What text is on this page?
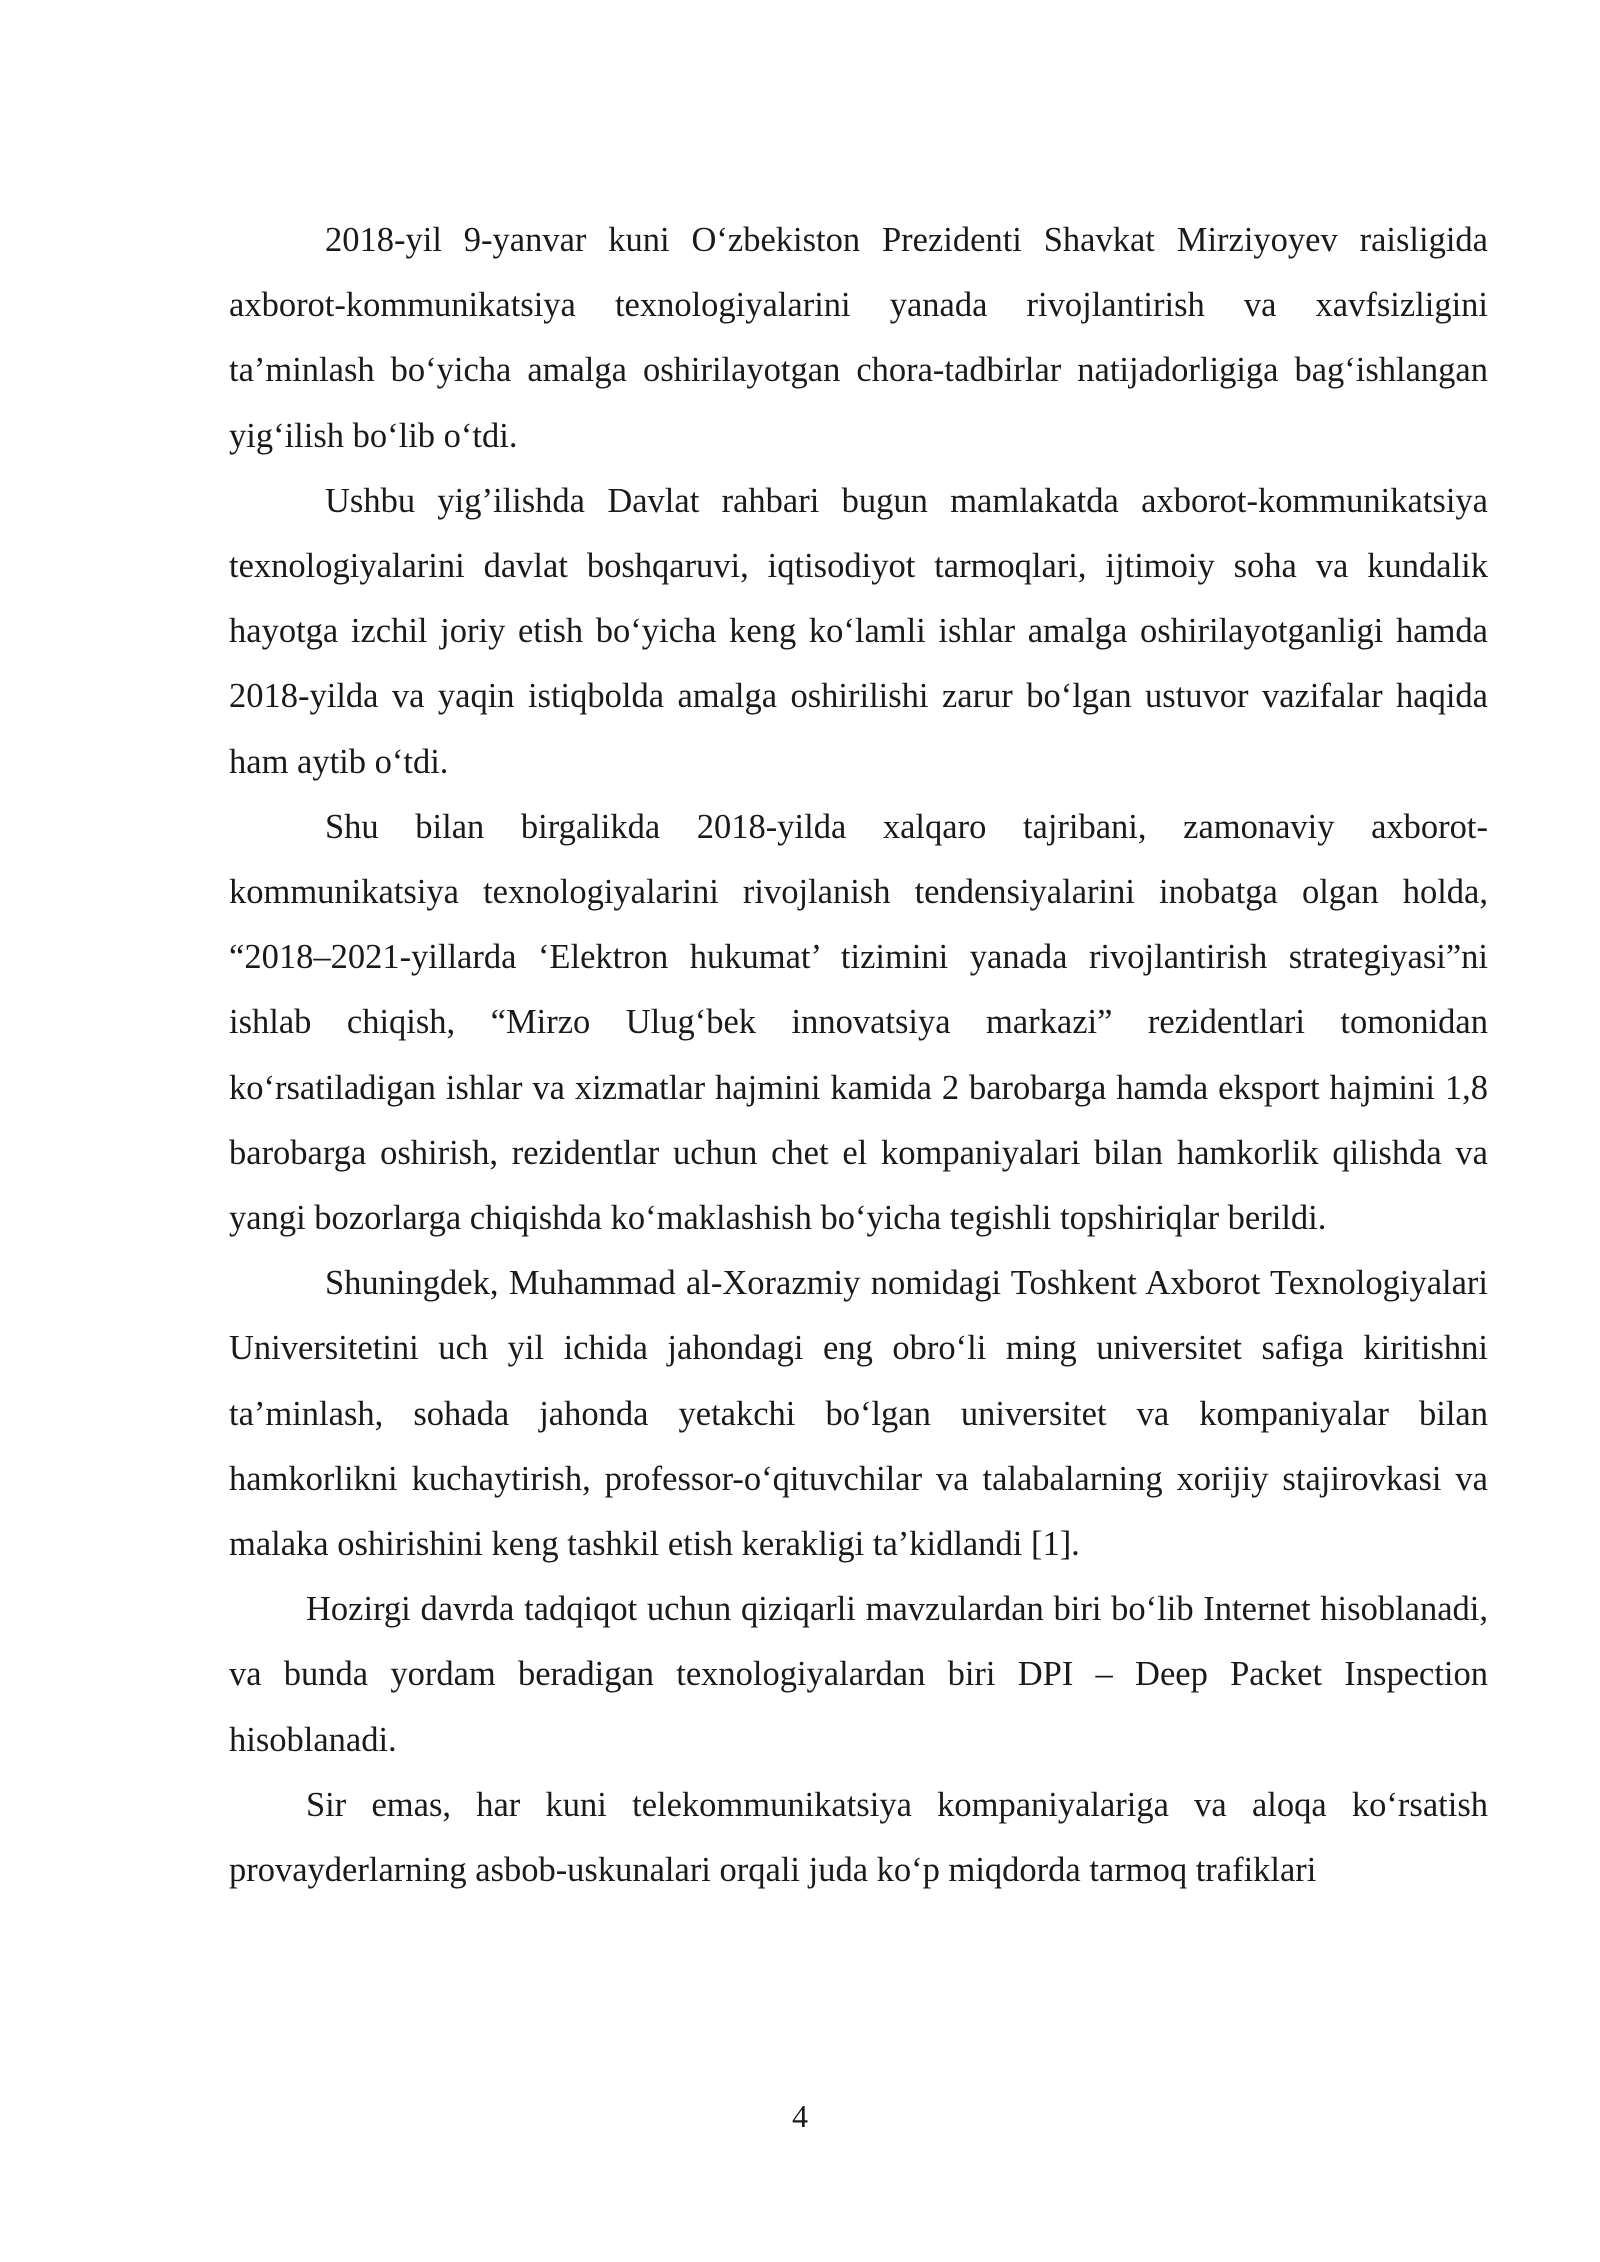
2018-yil 9-yanvar kuni O‘zbekiston Prezidenti Shavkat Mirziyoyev raisligida axborot-kommunikatsiya texnologiyalarini yanada rivojlantirish va xavfsizligini ta’minlash bo‘yicha amalga oshirilayotgan chora-tadbirlar natijadorligiga bag‘ishlangan yig‘ilish bo‘lib o‘tdi.

Ushbu yig’ilishda Davlat rahbari bugun mamlakatda axborot-kommunikatsiya texnologiyalarini davlat boshqaruvi, iqtisodiyot tarmoqlari, ijtimoiy soha va kundalik hayotga izchil joriy etish bo‘yicha keng ko‘lamli ishlar amalga oshirilayotganligi hamda 2018-yilda va yaqin istiqbolda amalga oshirilishi zarur bo‘lgan ustuvor vazifalar haqida ham aytib o‘tdi.

Shu bilan birgalikda 2018-yilda xalqaro tajribani, zamonaviy axborot-kommunikatsiya texnologiyalarini rivojlanish tendensiyalarini inobatga olgan holda, “2018–2021-yillarda ‘Elektron hukumat’ tizimini yanada rivojlantirish strategiyasi”ni ishlab chiqish, “Mirzo Ulug‘bek innovatsiya markazi” rezidentlari tomonidan ko‘rsatiladigan ishlar va xizmatlar hajmini kamida 2 barobarga hamda eksport hajmini 1,8 barobarga oshirish, rezidentlar uchun chet el kompaniyalari bilan hamkorlik qilishda va yangi bozorlarga chiqishda ko‘maklashish bo‘yicha tegishli topshiriqlar berildi.

Shuningdek, Muhammad al-Xorazmiy nomidagi Toshkent Axborot Texnologiyalari Universitetini uch yil ichida jahondagi eng obro‘li ming universitet safiga kiritishni ta’minlash, sohada jahonda yetakchi bo‘lgan universitet va kompaniyalar bilan hamkorlikni kuchaytirish, professor-o‘qituvchilar va talabalarning xorijiy stajirovkasi va malaka oshirishini keng tashkil etish kerakligi ta’kidlandi [1].

Hozirgi davrda tadqiqot uchun qiziqarli mavzulardan biri bo‘lib Internet hisoblanadi, va bunda yordam beradigan texnologiyalardan biri DPI – Deep Packet Inspection hisoblanadi.

Sir emas, har kuni telekommunikatsiya kompaniyalariga va aloqa ko‘rsatish provayderlarning asbob-uskunalari orqali juda ko‘p miqdorda tarmoq trafiklari

4
